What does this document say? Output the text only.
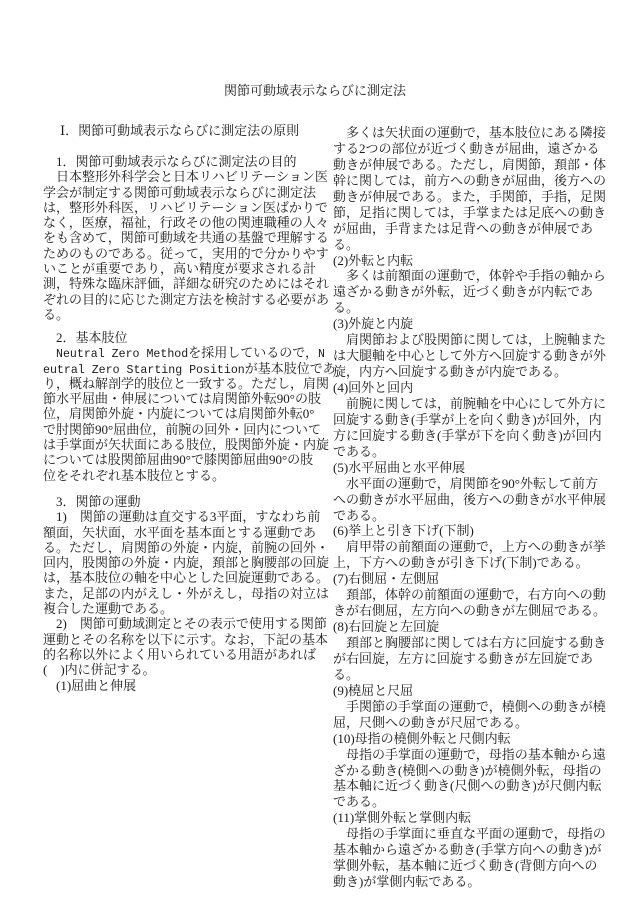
関節可動域表示ならびに測定法
Ⅰ．関節可動域表示ならびに測定法の原則
　1．関節可動域表示ならびに測定法の目的
　日本整形外科学会と日本リハビリテーション医
学会が制定する関節可動域表示ならびに測定法
は，整形外科医，リハビリテーション医ばかりで
なく，医療，福祉，行政その他の関連職種の人々
をも含めて，関節可動域を共通の基盤で理解する
ためのものである。従って，実用的で分かりやす
いことが重要であり，高い精度が要求される計
測，特殊な臨床評価，詳細な研究のためにはそれ
ぞれの目的に応じた測定方法を検討する必要があ
る。
　2．基本肢位
　Neutral Zero Methodを採用しているので，N
eutral Zero Starting Positionが基本肢位であ
り，概ね解剖学的肢位と一致する。ただし，肩関
節水平屈曲・伸展については肩関節外転90°の肢
位，肩関節外旋・内旋については肩関節外転0°
で肘関節90°屈曲位，前腕の回外・回内について
は手掌面が矢状面にある肢位，股関節外旋・内旋
については股関節屈曲90°で膝関節屈曲90°の肢
位をそれぞれ基本肢位とする。
　3．関節の運動
　1)　関節の運動は直交する3平面，すなわち前
額面，矢状面，水平面を基本面とする運動であ
る。ただし，肩関節の外旋・内旋，前腕の回外・
回内，股関節の外旋・内旋，頚部と胸腰部の回旋
は，基本肢位の軸を中心とした回旋運動である。
また，足部の内がえし・外がえし，母指の対立は
複合した運動である。
　2)　関節可動域測定とその表示で使用する関節
運動とその名称を以下に示す。なお，下記の基本
的名称以外によく用いられている用語があれば
(　)内に併記する。
　(1)屈曲と伸展
　多くは矢状面の運動で，基本肢位にある隣接
する2つの部位が近づく動きが屈曲，遠ざかる
動きが伸展である。ただし，肩関節，頚部・体
幹に関しては，前方への動きが屈曲，後方への
動きが伸展である。また，手関節，手指，足関
節，足指に関しては，手掌または足底への動き
が屈曲，手背または足背への動きが伸展であ
る。
(2)外転と内転
　多くは前額面の運動で，体幹や手指の軸から
遠ざかる動きが外転，近づく動きが内転であ
る。
(3)外旋と内旋
　肩関節および股関節に関しては，上腕軸また
は大腿軸を中心として外方へ回旋する動きが外
旋，内方へ回旋する動きが内旋である。
(4)回外と回内
　前腕に関しては，前腕軸を中心にして外方に
回旋する動き(手掌が上を向く動き)が回外，内
方に回旋する動き(手掌が下を向く動き)が回内
である。
(5)水平屈曲と水平伸展
　水平面の運動で，肩関節を90°外転して前方
への動きが水平屈曲，後方への動きが水平伸展
である。
(6)挙上と引き下げ(下制)
　肩甲帯の前額面の運動で，上方への動きが挙
上，下方への動きが引き下げ(下制)である。
(7)右側屈・左側屈
　頚部，体幹の前額面の運動で，右方向への動
きが右側屈，左方向への動きが左側屈である。
(8)右回旋と左回旋
　頚部と胸腰部に関しては右方に回旋する動き
が右回旋，左方に回旋する動きが左回旋であ
る。
(9)橈屈と尺屈
　手関節の手掌面の運動で，橈側への動きが橈
屈，尺側への動きが尺屈である。
(10)母指の橈側外転と尺側内転
　母指の手掌面の運動で，母指の基本軸から遠
ざかる動き(橈側への動き)が橈側外転，母指の
基本軸に近づく動き(尺側への動き)が尺側内転
である。
(11)掌側外転と掌側内転
　母指の手掌面に垂直な平面の運動で，母指の
基本軸から遠ざかる動き(手掌方向への動き)が
掌側外転，基本軸に近づく動き(背側方向への
動き)が掌側内転である。
